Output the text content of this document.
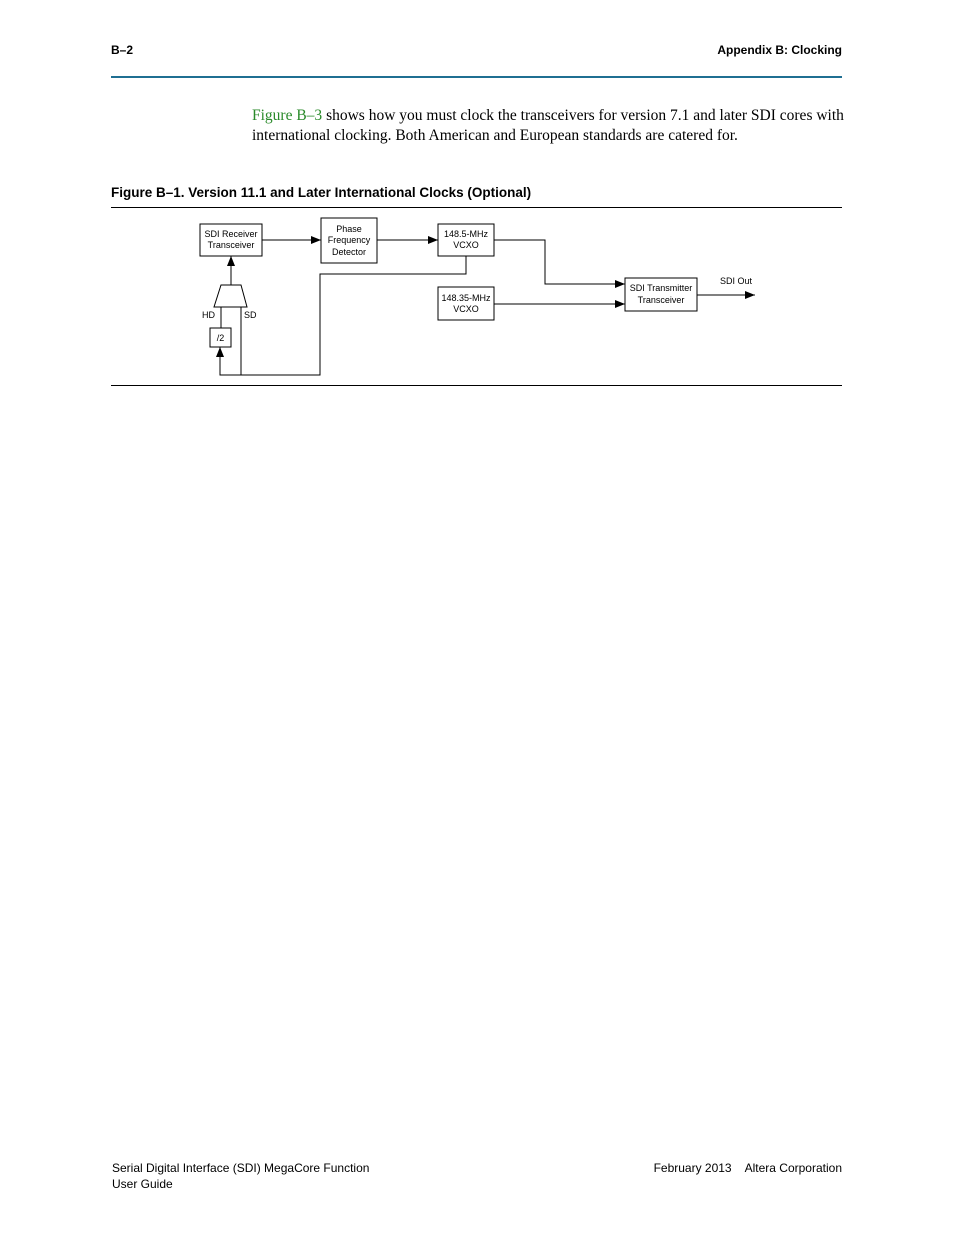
B–2	Appendix B: Clocking
Figure B–3 shows how you must clock the transceivers for version 7.1 and later SDI cores with international clocking. Both American and European standards are catered for.
Figure B–1. Version 11.1 and Later International Clocks (Optional)
SDI Receiver
Transceiver
Phase
Frequency
Detector
148.5-MHz
VCXO
148.35-MHz
VCXO
SDI Transmitter
Transceiver
/2
HD	SD
SDI Out
Serial Digital Interface (SDI) MegaCore Function
User Guide
February 2013 Altera Corporation
